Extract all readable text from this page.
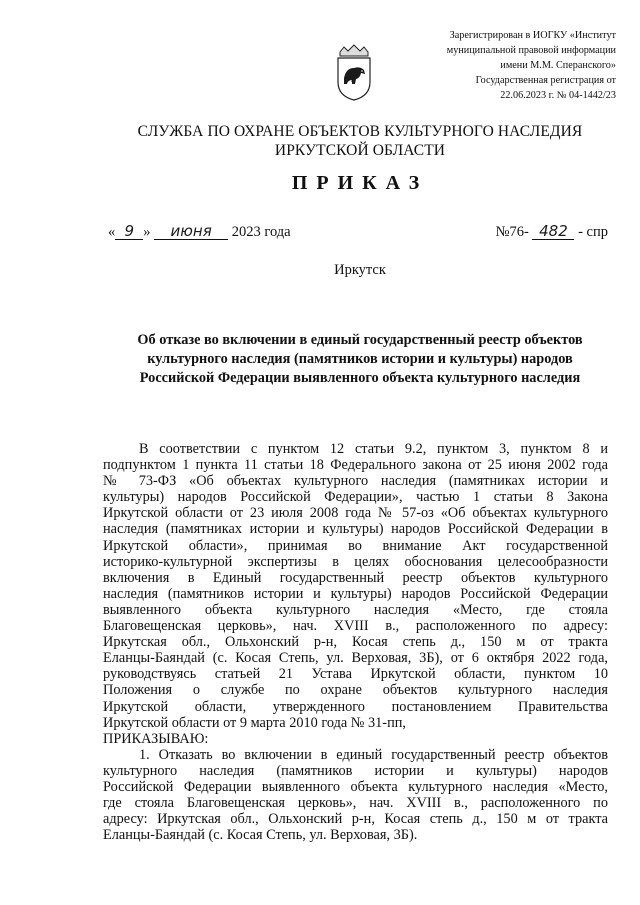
Зарегистрирован в ИОГКУ «Институт
муниципальной правовой информации
имени М.М. Сперанского»
Государственная регистрация от
22.06.2023 г. № 04-1442/23
СЛУЖБА ПО ОХРАНЕ ОБЪЕКТОВ КУЛЬТУРНОГО НАСЛЕДИЯ
ИРКУТСКОЙ ОБЛАСТИ
ПРИКАЗ
« 9 » июня 2023 года	№76- 482 - спр
Иркутск
Об отказе во включении в единый государственный реестр объектов
культурного наследия (памятников истории и культуры) народов
Российской Федерации выявленного объекта культурного наследия
В соответствии с пунктом 12 статьи 9.2, пунктом 3, пунктом 8 и
подпунктом 1 пункта 11 статьи 18 Федерального закона от 25 июня 2002 года
№ 73-ФЗ «Об объектах культурного наследия (памятниках истории и
культуры) народов Российской Федерации», частью 1 статьи 8 Закона
Иркутской области от 23 июля 2008 года № 57-оз «Об объектах культурного
наследия (памятниках истории и культуры) народов Российской Федерации в
Иркутской области», принимая во внимание Акт государственной
историко-культурной экспертизы в целях обоснования целесообразности
включения в Единый государственный реестр объектов культурного
наследия (памятников истории и культуры) народов Российской Федерации
выявленного объекта культурного наследия «Место, где стояла
Благовещенская церковь», нач. XVIII в., расположенного по адресу:
Иркутская обл., Ольхонский р-н, Косая степь д., 150 м от тракта
Еланцы-Баяндай (с. Косая Степь, ул. Верховая, 3Б), от 6 октября 2022 года,
руководствуясь статьей 21 Устава Иркутской области, пунктом 10
Положения о службе по охране объектов культурного наследия
Иркутской области, утвержденного постановлением Правительства
Иркутской области от 9 марта 2010 года № 31-пп,
ПРИКАЗЫВАЮ:
1. Отказать во включении в единый государственный реестр объектов
культурного наследия (памятников истории и культуры) народов
Российской Федерации выявленного объекта культурного наследия «Место,
где стояла Благовещенская церковь», нач. XVIII в., расположенного по
адресу: Иркутская обл., Ольхонский р-н, Косая степь д., 150 м от тракта
Еланцы-Баяндай (с. Косая Степь, ул. Верховая, 3Б).
